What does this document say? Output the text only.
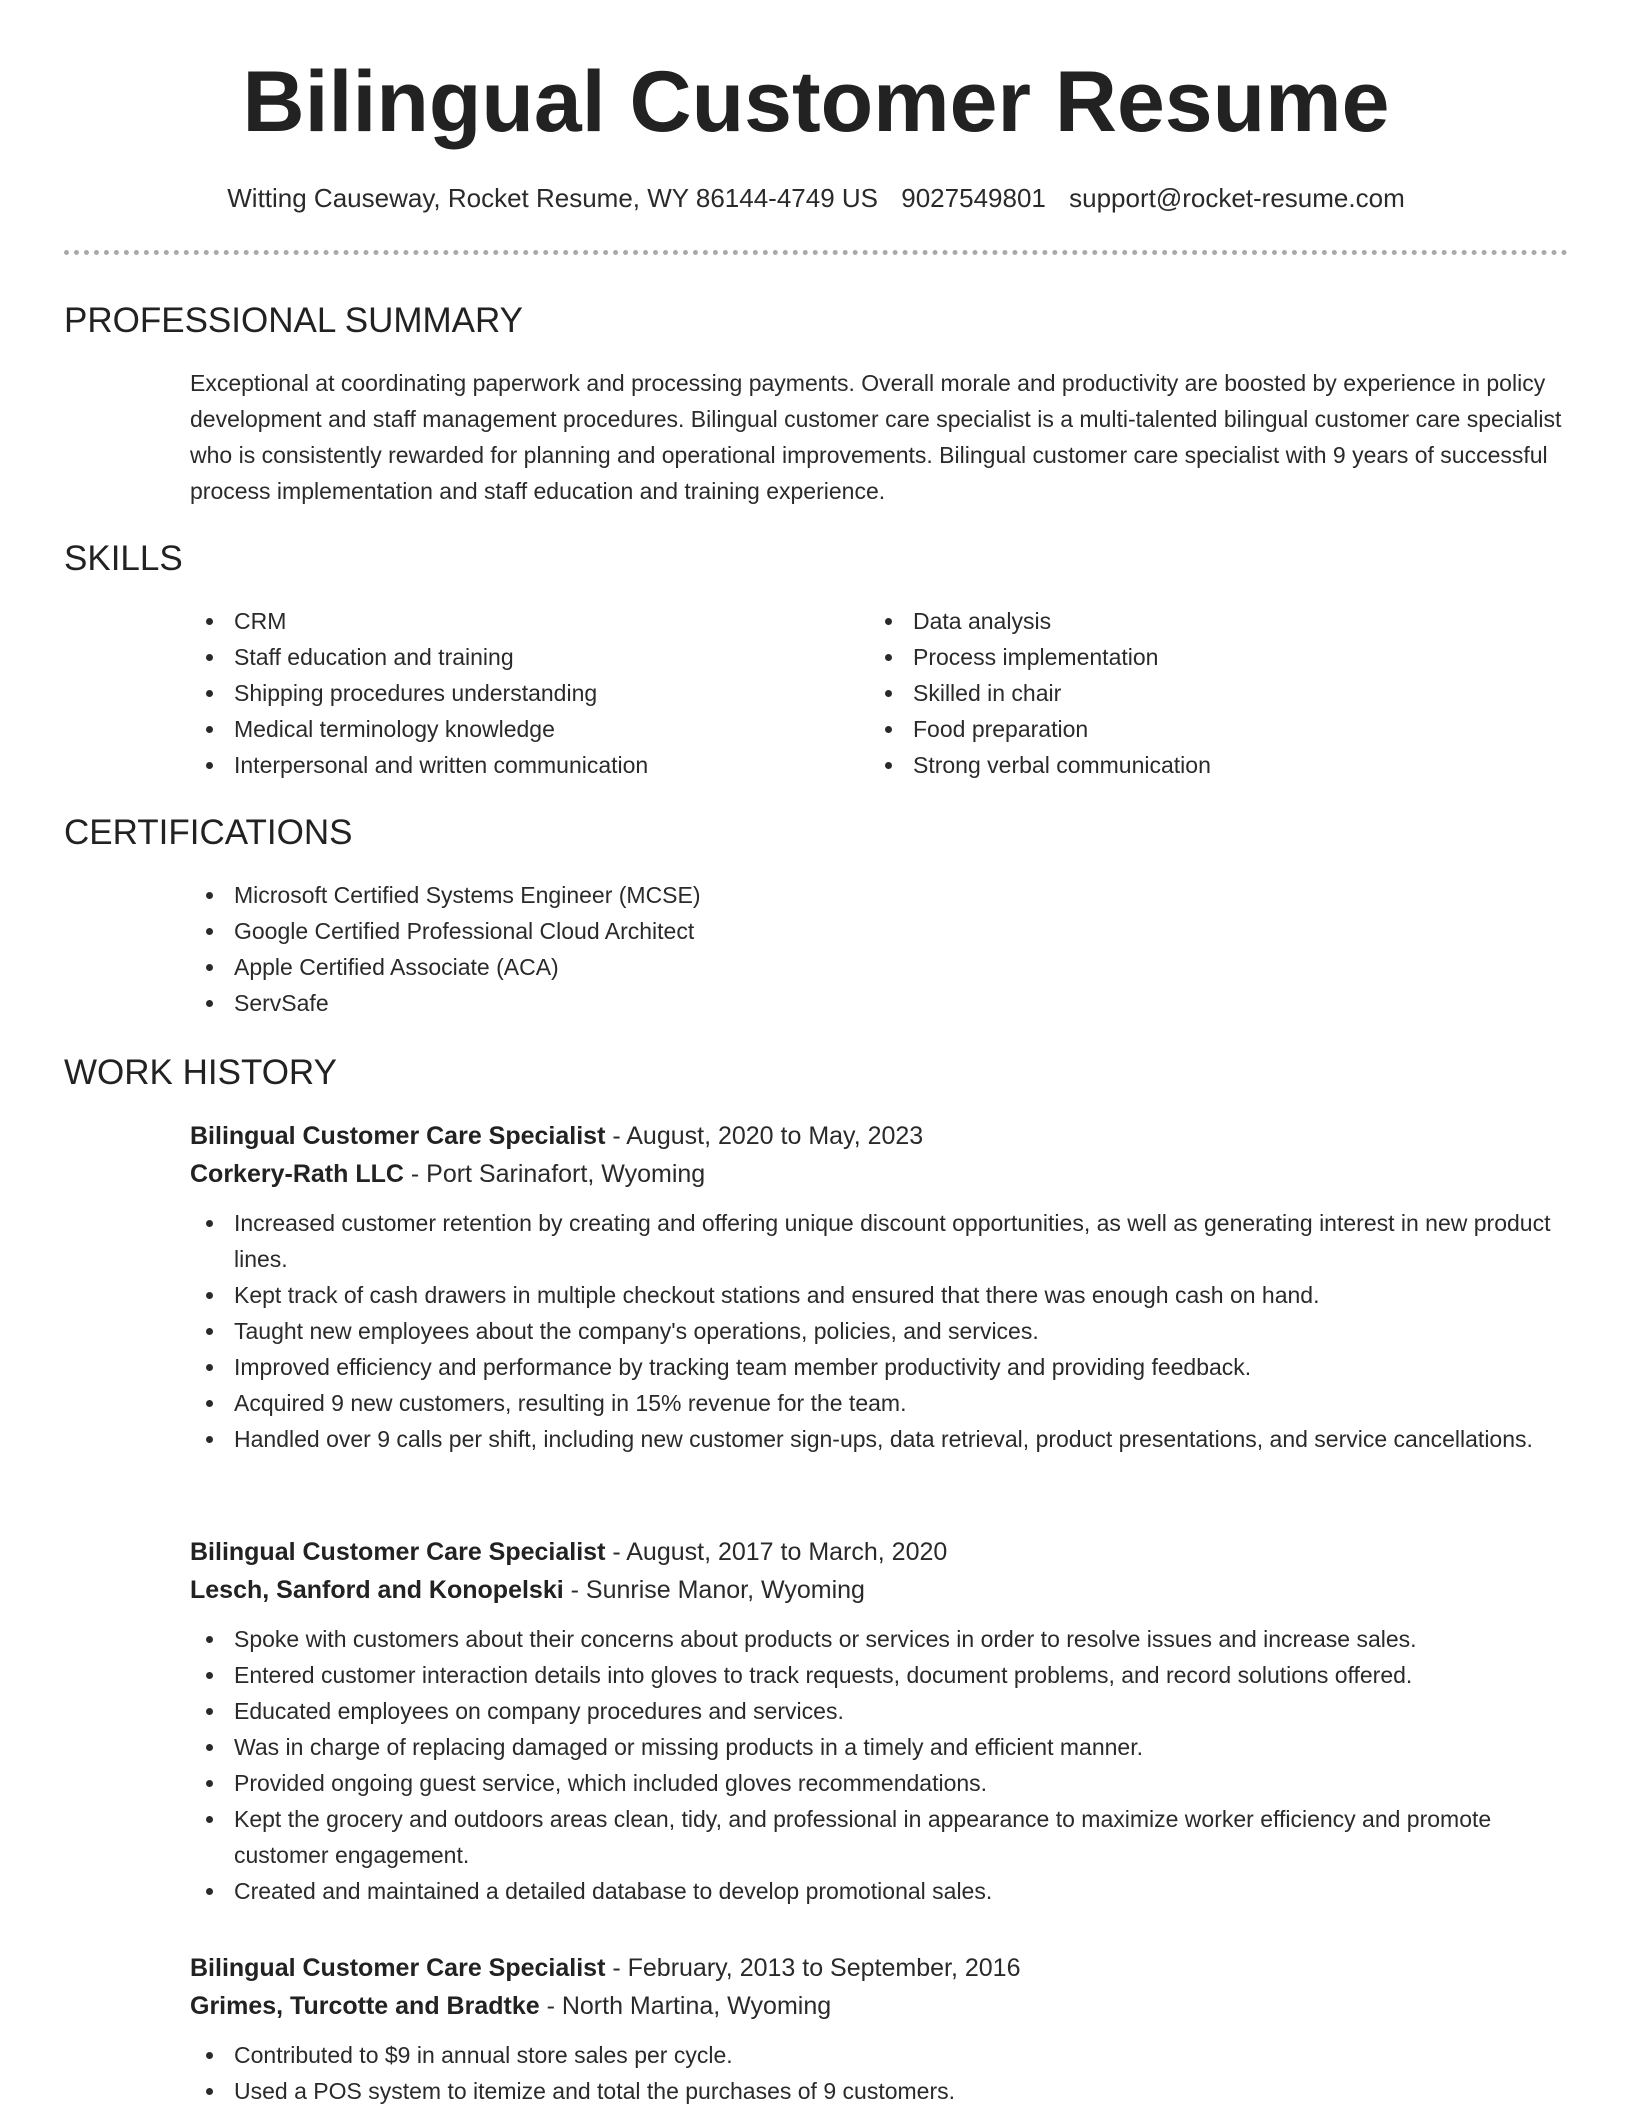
Bilingual Customer Resume
Witting Causeway, Rocket Resume, WY 86144-4749 US 9027549801 support@rocket-resume.com
PROFESSIONAL SUMMARY

Exceptional at coordinating paperwork and processing payments. Overall morale and productivity are boosted by experience in policy development and staff management procedures. Bilingual customer care specialist is a multi-talented bilingual customer care specialist who is consistently rewarded for planning and operational improvements. Bilingual customer care specialist with 9 years of successful process implementation and staff education and training experience.

SKILLS
CRM
Staff education and training
Shipping procedures understanding
Medical terminology knowledge
Interpersonal and written communication
Data analysis
Process implementation
Skilled in chair
Food preparation
Strong verbal communication
CERTIFICATIONS
Microsoft Certified Systems Engineer (MCSE)
Google Certified Professional Cloud Architect
Apple Certified Associate (ACA)
ServSafe
WORK HISTORY
Bilingual Customer Care Specialist - August, 2020 to May, 2023
Corkery-Rath LLC - Port Sarinafort, Wyoming
Increased customer retention by creating and offering unique discount opportunities, as well as generating interest in new product lines.
Kept track of cash drawers in multiple checkout stations and ensured that there was enough cash on hand.
Taught new employees about the company's operations, policies, and services.
Improved efficiency and performance by tracking team member productivity and providing feedback.
Acquired 9 new customers, resulting in 15% revenue for the team.
Handled over 9 calls per shift, including new customer sign-ups, data retrieval, product presentations, and service cancellations.
Bilingual Customer Care Specialist - August, 2017 to March, 2020
Lesch, Sanford and Konopelski - Sunrise Manor, Wyoming
Spoke with customers about their concerns about products or services in order to resolve issues and increase sales.
Entered customer interaction details into gloves to track requests, document problems, and record solutions offered.
Educated employees on company procedures and services.
Was in charge of replacing damaged or missing products in a timely and efficient manner.
Provided ongoing guest service, which included gloves recommendations.
Kept the grocery and outdoors areas clean, tidy, and professional in appearance to maximize worker efficiency and promote customer engagement.
Created and maintained a detailed database to develop promotional sales.
Bilingual Customer Care Specialist - February, 2013 to September, 2016
Grimes, Turcotte and Bradtke - North Martina, Wyoming
Contributed to $9 in annual store sales per cycle.
Used a POS system to itemize and total the purchases of 9 customers.
